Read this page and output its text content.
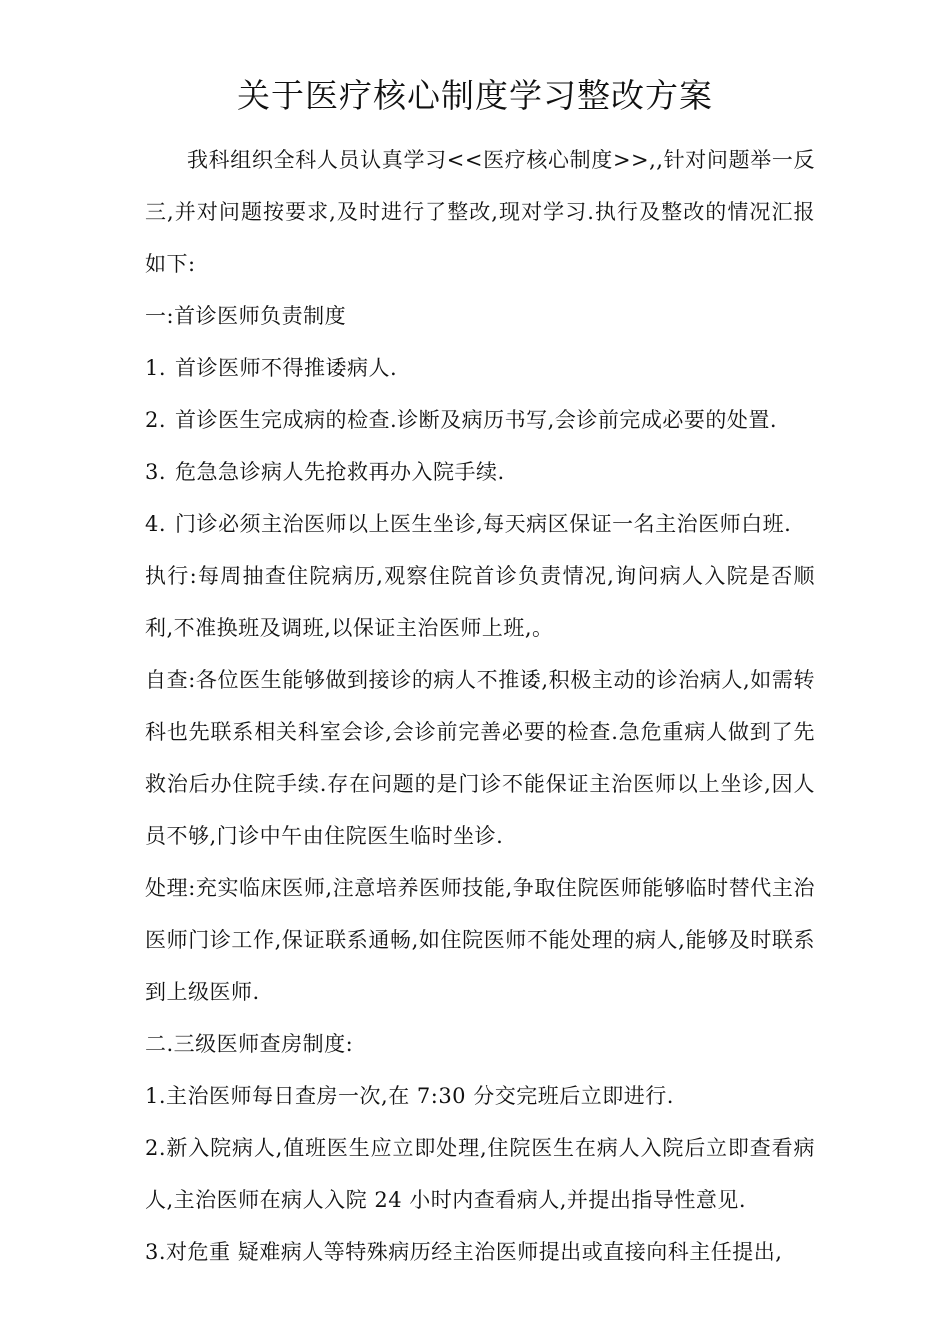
关于医疗核心制度学习整改方案

我科组织全科人员认真学习<<医疗核心制度>>,,针对问题举一反三,并对问题按要求,及时进行了整改,现对学习.执行及整改的情况汇报如下:

一:首诊医师负责制度

1. 首诊医师不得推诿病人.
2. 首诊医生完成病的检查.诊断及病历书写,会诊前完成必要的处置.
3. 危急急诊病人先抢救再办入院手续.
4. 门诊必须主治医师以上医生坐诊,每天病区保证一名主治医师白班.

执行:每周抽查住院病历,观察住院首诊负责情况,询问病人入院是否顺利,不准换班及调班,以保证主治医师上班,。

自查:各位医生能够做到接诊的病人不推诿,积极主动的诊治病人,如需转科也先联系相关科室会诊,会诊前完善必要的检查.急危重病人做到了先救治后办住院手续.存在问题的是门诊不能保证主治医师以上坐诊,因人员不够,门诊中午由住院医生临时坐诊.

处理:充实临床医师,注意培养医师技能,争取住院医师能够临时替代主治医师门诊工作,保证联系通畅,如住院医师不能处理的病人,能够及时联系到上级医师.

二.三级医师查房制度:

1.主治医师每日查房一次,在 7:30 分交完班后立即进行.

2.新入院病人,值班医生应立即处理,住院医生在病人入院后立即查看病人,主治医师在病人入院 24 小时内查看病人,并提出指导性意见.

3.对危重 疑难病人等特殊病历经主治医师提出或直接向科主任提出,
